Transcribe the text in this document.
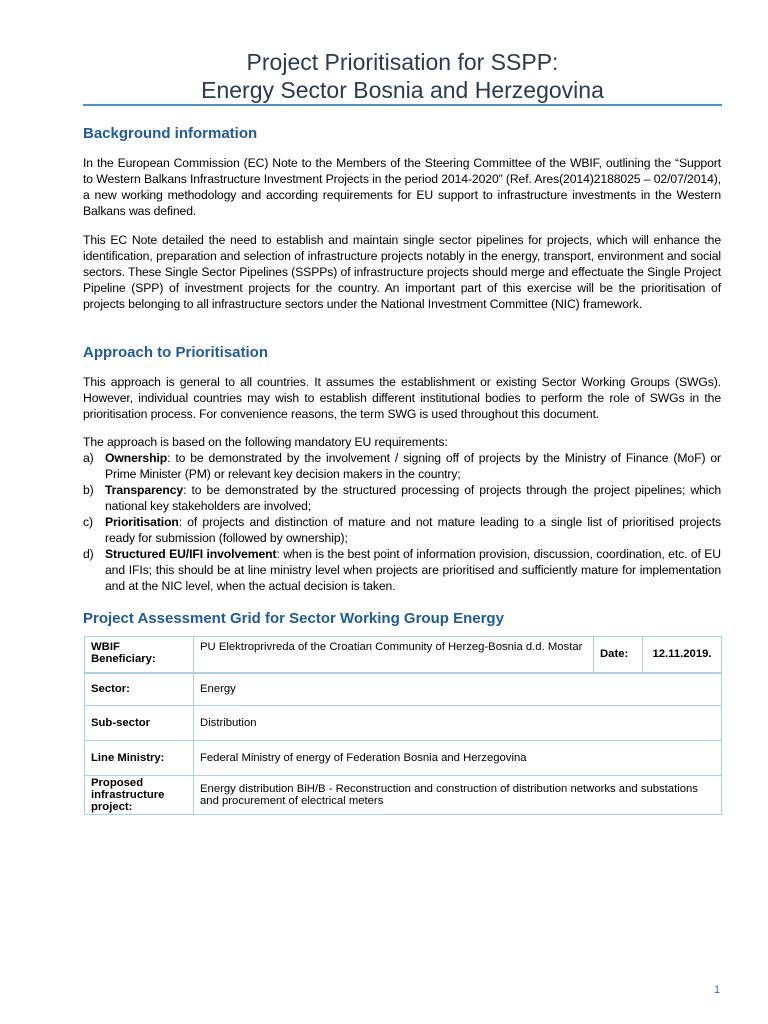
Project Prioritisation for SSPP:
Energy Sector Bosnia and Herzegovina
Background information

In the European Commission (EC) Note to the Members of the Steering Committee of the WBIF, outlining the “Support to Western Balkans Infrastructure Investment Projects in the period 2014-2020” (Ref. Ares(2014)2188025 – 02/07/2014), a new working methodology and according requirements for EU support to infrastructure investments in the Western Balkans was defined.

This EC Note detailed the need to establish and maintain single sector pipelines for projects, which will enhance the identification, preparation and selection of infrastructure projects notably in the energy, transport, environment and social sectors. These Single Sector Pipelines (SSPPs) of infrastructure projects should merge and effectuate the Single Project Pipeline (SPP) of investment projects for the country. An important part of this exercise will be the prioritisation of projects belonging to all infrastructure sectors under the National Investment Committee (NIC) framework.

Approach to Prioritisation

This approach is general to all countries. It assumes the establishment or existing Sector Working Groups (SWGs). However, individual countries may wish to establish different institutional bodies to perform the role of SWGs in the prioritisation process. For convenience reasons, the term SWG is used throughout this document.

The approach is based on the following mandatory EU requirements:

a) Ownership: to be demonstrated by the involvement / signing off of projects by the Ministry of Finance (MoF) or Prime Minister (PM) or relevant key decision makers in the country;
b) Transparency: to be demonstrated by the structured processing of projects through the project pipelines; which national key stakeholders are involved;
c) Prioritisation: of projects and distinction of mature and not mature leading to a single list of prioritised projects ready for submission (followed by ownership);
d) Structured EU/IFI involvement: when is the best point of information provision, discussion, coordination, etc. of EU and IFIs; this should be at line ministry level when projects are prioritised and sufficiently mature for implementation and at the NIC level, when the actual decision is taken.
Project Assessment Grid for Sector Working Group Energy
WBIF Beneficiary:	PU Elektroprivreda of the Croatian Community of Herzeg-Bosnia d.d. Mostar	Date:	12.11.2019.
Sector:	Energy		
Sub-sector	Distribution		
Line Ministry:	Federal Ministry of energy of Federation Bosnia and Herzegovina		
Proposed infrastructure project:	Energy distribution BiH/B - Reconstruction and construction of distribution networks and substations and procurement of electrical meters		
1
